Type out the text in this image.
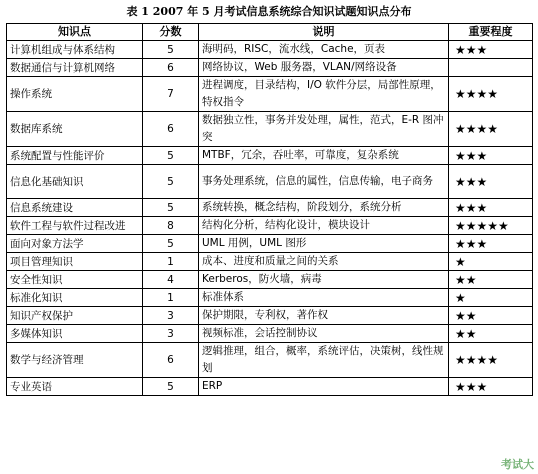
表 1 2007 年 5 月考试信息系统综合知识试题知识点分布
知识点	分数	说明	重要程度
计算机组成与体系结构	5	海明码，RISC，流水线，Cache，页表	★★★
数据通信与计算机网络	6	网络协议，Web 服务器，VLAN/网络设备	
操作系统	7	进程调度，目录结构，I/O 软件分层，局部性原理，特权指令	★★★★
数据库系统	6	数据独立性，事务并发处理，属性，范式，E-R 图冲突	★★★★
系统配置与性能评价	5	MTBF，冗余，吞吐率，可靠度，复杂系统	★★★
信息化基础知识	5	事务处理系统，信息的属性，信息传输，电子商务	★★★
信息系统建设	5	系统转换，概念结构，阶段划分，系统分析	★★★
软件工程与软件过程改进	8	结构化分析，结构化设计，模块设计	★★★★★
面向对象方法学	5	UML 用例，UML 图形	★★★
项目管理知识	1	成本、进度和质量之间的关系	★
安全性知识	4	Kerberos，防火墙，病毒	★★
标准化知识	1	标准体系	★
知识产权保护	3	保护期限，专利权，著作权	★★
多媒体知识	3	视频标准，会话控制协议	★★
数学与经济管理	6	逻辑推理，组合，概率，系统评估，决策树，线性规划	★★★★
专业英语	5	ERP	★★★
考试大
